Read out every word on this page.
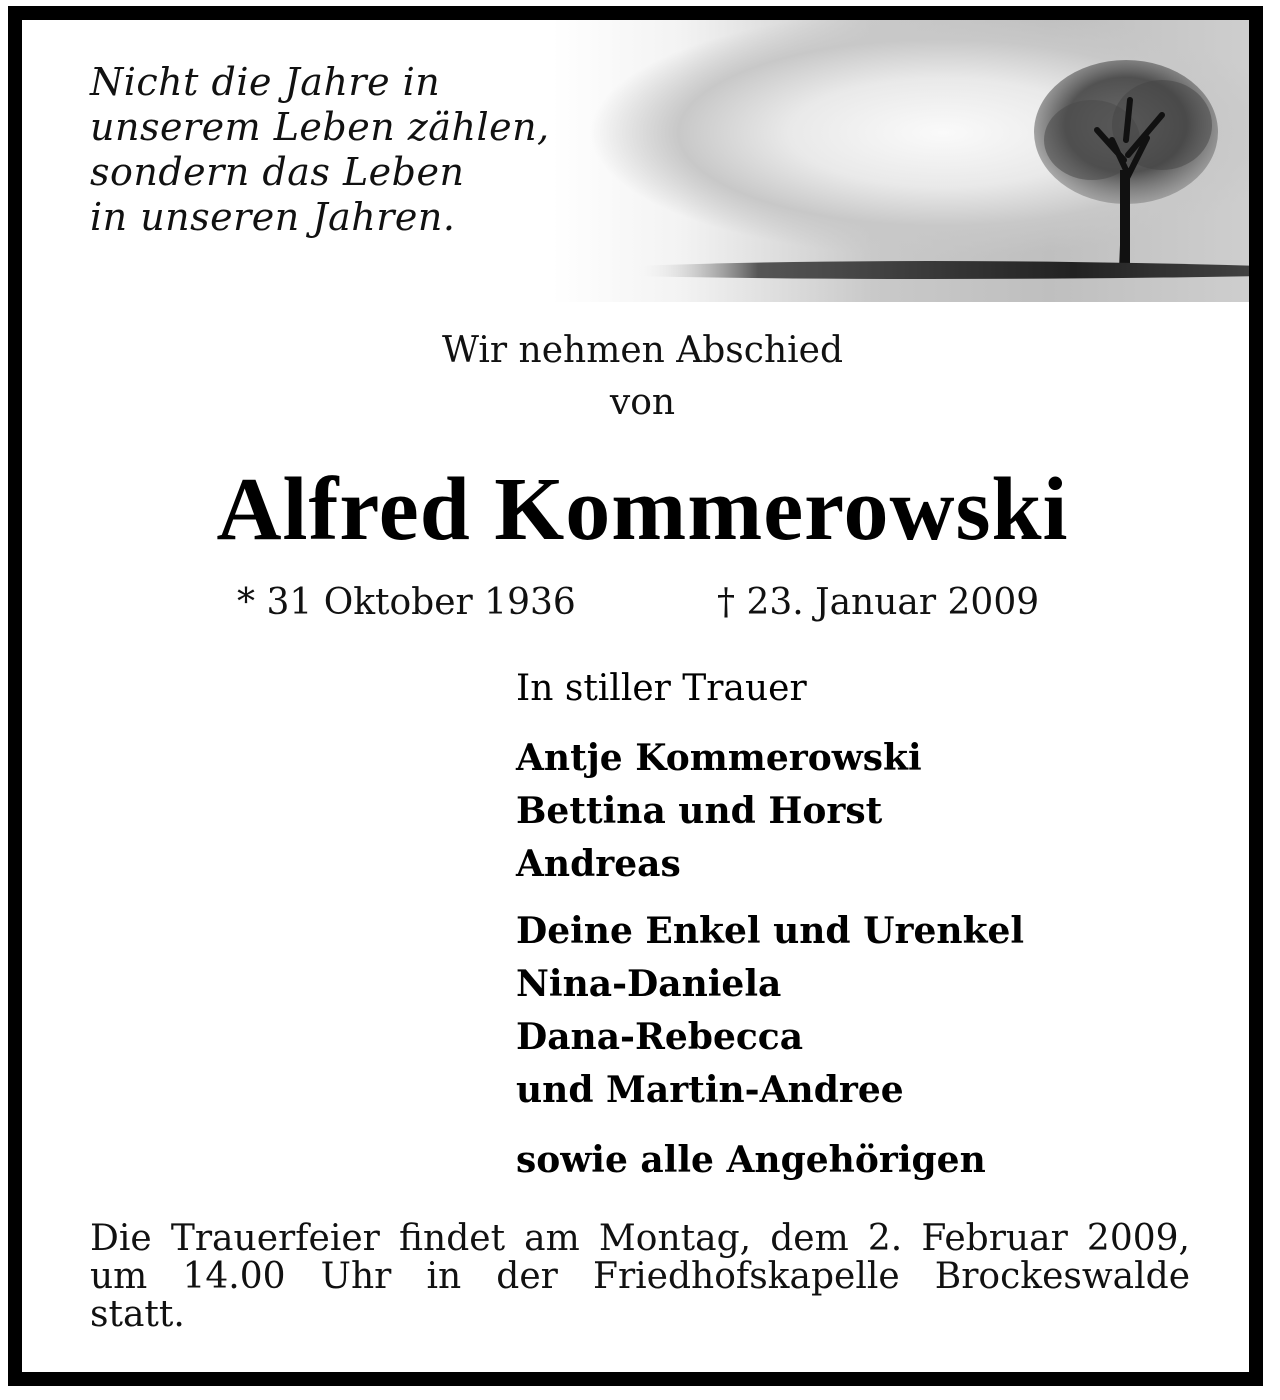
Nicht die Jahre in
unserem Leben zählen,
sondern das Leben
in unseren Jahren.
Wir nehmen Abschied
von
Alfred Kommerowski
* 31 Oktober 1936	† 23. Januar 2009
In stiller Trauer
Antje Kommerowski
Bettina und Horst
Andreas
Deine Enkel und Urenkel
Nina-Daniela
Dana-Rebecca
und Martin-Andree
sowie alle Angehörigen
Die Trauerfeier findet am Montag, dem 2. Februar 2009,
um 14.00 Uhr in der Friedhofskapelle Brockeswalde
statt.
